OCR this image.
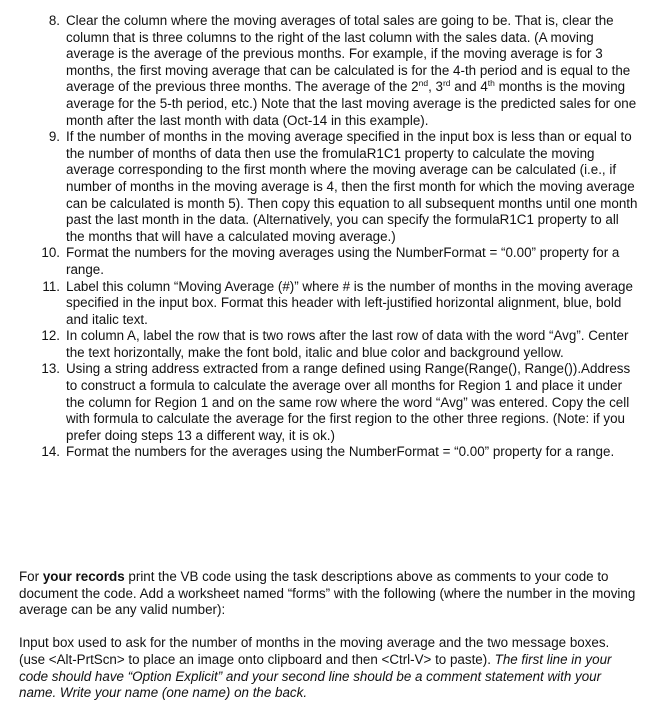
8. Clear the column where the moving averages of total sales are going to be. That is, clear the column that is three columns to the right of the last column with the sales data. (A moving average is the average of the previous months. For example, if the moving average is for 3 months, the first moving average that can be calculated is for the 4-th period and is equal to the average of the previous three months. The average of the 2nd, 3rd and 4th months is the moving average for the 5-th period, etc.) Note that the last moving average is the predicted sales for one month after the last month with data (Oct-14 in this example).
9. If the number of months in the moving average specified in the input box is less than or equal to the number of months of data then use the fromulaR1C1 property to calculate the moving average corresponding to the first month where the moving average can be calculated (i.e., if number of months in the moving average is 4, then the first month for which the moving average can be calculated is month 5). Then copy this equation to all subsequent months until one month past the last month in the data. (Alternatively, you can specify the formulaR1C1 property to all the months that will have a calculated moving average.)
10. Format the numbers for the moving averages using the NumberFormat = “0.00” property for a range.
11. Label this column “Moving Average (#)” where # is the number of months in the moving average specified in the input box. Format this header with left-justified horizontal alignment, blue, bold and italic text.
12. In column A, label the row that is two rows after the last row of data with the word “Avg”. Center the text horizontally, make the font bold, italic and blue color and background yellow.
13. Using a string address extracted from a range defined using Range(Range(), Range()).Address to construct a formula to calculate the average over all months for Region 1 and place it under the column for Region 1 and on the same row where the word “Avg” was entered. Copy the cell with formula to calculate the average for the first region to the other three regions. (Note: if you prefer doing steps 13 a different way, it is ok.)
14. Format the numbers for the averages using the NumberFormat = “0.00” property for a range.

For your records print the VB code using the task descriptions above as comments to your code to document the code. Add a worksheet named “forms” with the following (where the number in the moving average can be any valid number):

Input box used to ask for the number of months in the moving average and the two message boxes. (use <Alt-PrtScn> to place an image onto clipboard and then <Ctrl-V> to paste). The first line in your code should have “Option Explicit” and your second line should be a comment statement with your name. Write your name (one name) on the back.
